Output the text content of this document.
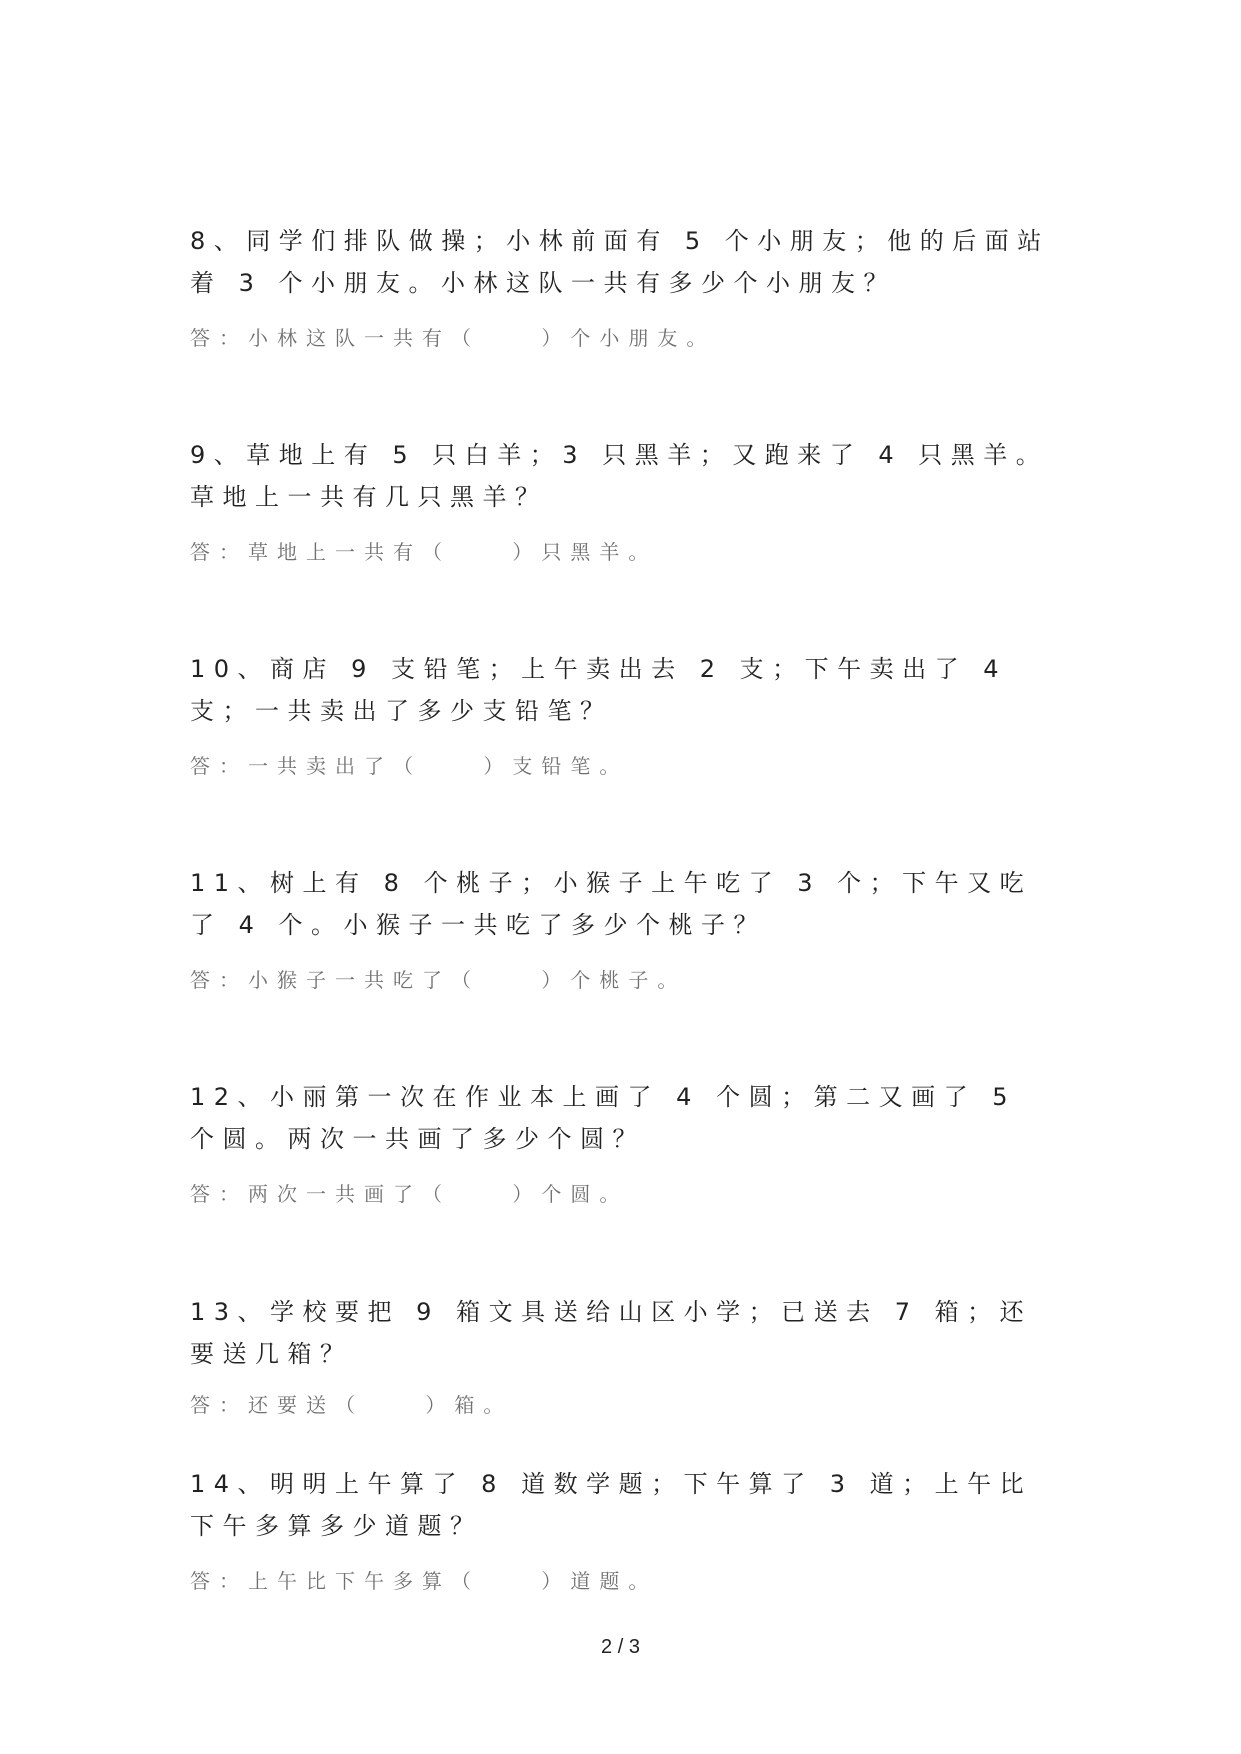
8、同学们排队做操；小林前面有 5 个小朋友；他的后面站着 3 个小朋友。小林这队一共有多少个小朋友？

答：小林这队一共有（    ）个小朋友。

9、草地上有 5 只白羊；3 只黑羊；又跑来了 4 只黑羊。草地上一共有几只黑羊？

答：草地上一共有（    ）只黑羊。

10、商店 9 支铅笔；上午卖出去 2 支；下午卖出了 4 支；一共卖出了多少支铅笔？

答：一共卖出了（    ）支铅笔。

11、树上有 8 个桃子；小猴子上午吃了 3 个；下午又吃了 4 个。小猴子一共吃了多少个桃子？

答：小猴子一共吃了（    ）个桃子。

12、小丽第一次在作业本上画了 4 个圆；第二又画了 5 个圆。两次一共画了多少个圆？

答：两次一共画了（    ）个圆。

13、学校要把 9 箱文具送给山区小学；已送去 7 箱；还要送几箱？

答：还要送（    ）箱。

14、明明上午算了 8 道数学题；下午算了 3 道；上午比下午多算多少道题？

答：上午比下午多算（    ）道题。

2 / 3
